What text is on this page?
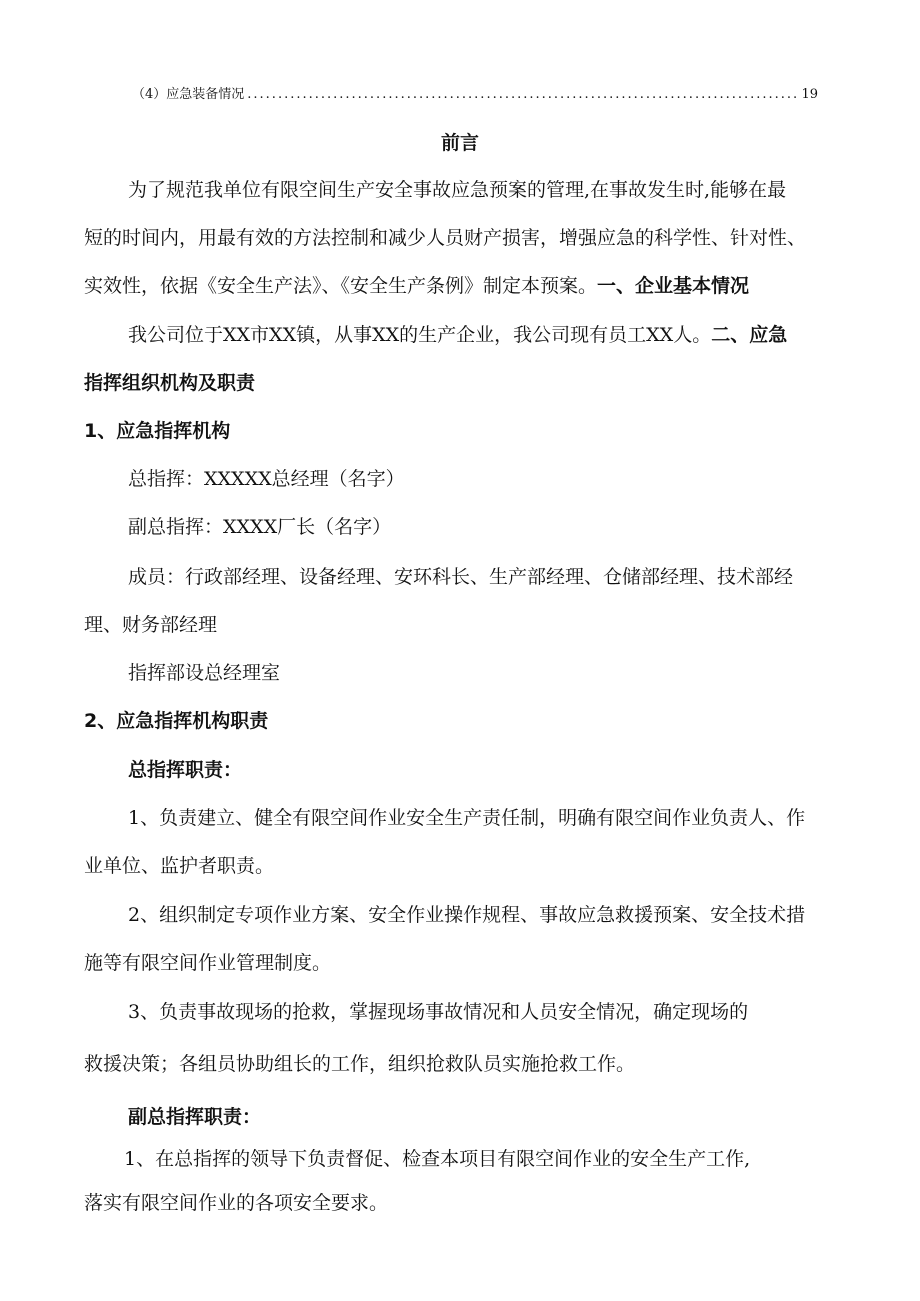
（4）应急装备情况
.....	19
前言
为了规范我单位有限空间生产安全事故应急预案的管理,在事故发生时,能够在最
短的时间内，用最有效的方法控制和减少人员财产损害，增强应急的科学性、针对性、
实效性，依据《安全生产法》、《安全生产条例》制定本预案。一、企业基本情况
我公司位于XX市XX镇，从事XX的生产企业，我公司现有员工XX人。二、应急
指挥组织机构及职责
1、应急指挥机构
总指挥：XXXXX总经理（名字）
副总指挥：XXXX厂长（名字）
成员：行政部经理、设备经理、安环科长、生产部经理、仓储部经理、技术部经
理、财务部经理
指挥部设总经理室
2、应急指挥机构职责
总指挥职责：
1、负责建立、健全有限空间作业安全生产责任制，明确有限空间作业负责人、作
业单位、监护者职责。
2、组织制定专项作业方案、安全作业操作规程、事故应急救援预案、安全技术措
施等有限空间作业管理制度。
3、负责事故现场的抢救，掌握现场事故情况和人员安全情况，确定现场的
救援决策；各组员协助组长的工作，组织抢救队员实施抢救工作。
副总指挥职责：
1、在总指挥的领导下负责督促、检查本项目有限空间作业的安全生产工作,
落实有限空间作业的各项安全要求。
